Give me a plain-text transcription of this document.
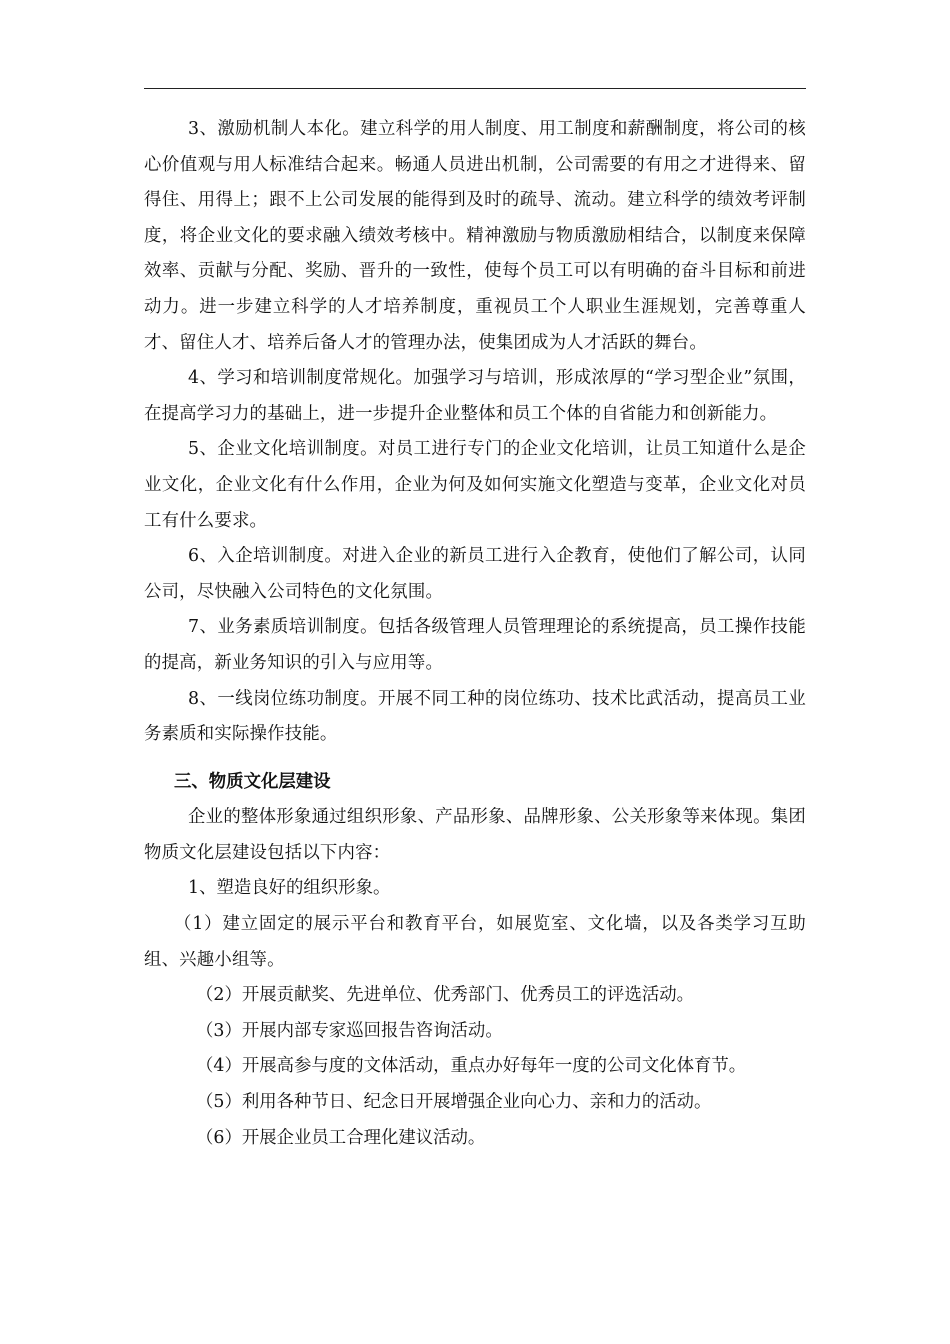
3、激励机制人本化。建立科学的用人制度、用工制度和薪酬制度，将公司的核心价值观与用人标准结合起来。畅通人员进出机制，公司需要的有用之才进得来、留得住、用得上；跟不上公司发展的能得到及时的疏导、流动。建立科学的绩效考评制度，将企业文化的要求融入绩效考核中。精神激励与物质激励相结合，以制度来保障效率、贡献与分配、奖励、晋升的一致性，使每个员工可以有明确的奋斗目标和前进动力。进一步建立科学的人才培养制度，重视员工个人职业生涯规划，完善尊重人才、留住人才、培养后备人才的管理办法，使集团成为人才活跃的舞台。

4、学习和培训制度常规化。加强学习与培训，形成浓厚的“学习型企业”氛围，在提高学习力的基础上，进一步提升企业整体和员工个体的自省能力和创新能力。

5、企业文化培训制度。对员工进行专门的企业文化培训，让员工知道什么是企业文化，企业文化有什么作用，企业为何及如何实施文化塑造与变革，企业文化对员工有什么要求。

6、入企培训制度。对进入企业的新员工进行入企教育，使他们了解公司，认同公司，尽快融入公司特色的文化氛围。

7、业务素质培训制度。包括各级管理人员管理理论的系统提高，员工操作技能的提高，新业务知识的引入与应用等。

8、一线岗位练功制度。开展不同工种的岗位练功、技术比武活动，提高员工业务素质和实际操作技能。

三、物质文化层建设

企业的整体形象通过组织形象、产品形象、品牌形象、公关形象等来体现。集团物质文化层建设包括以下内容：

1、塑造良好的组织形象。

（1）建立固定的展示平台和教育平台，如展览室、文化墙，以及各类学习互助组、兴趣小组等。

（2）开展贡献奖、先进单位、优秀部门、优秀员工的评选活动。

（3）开展内部专家巡回报告咨询活动。

（4）开展高参与度的文体活动，重点办好每年一度的公司文化体育节。

（5）利用各种节日、纪念日开展增强企业向心力、亲和力的活动。

（6）开展企业员工合理化建议活动。
